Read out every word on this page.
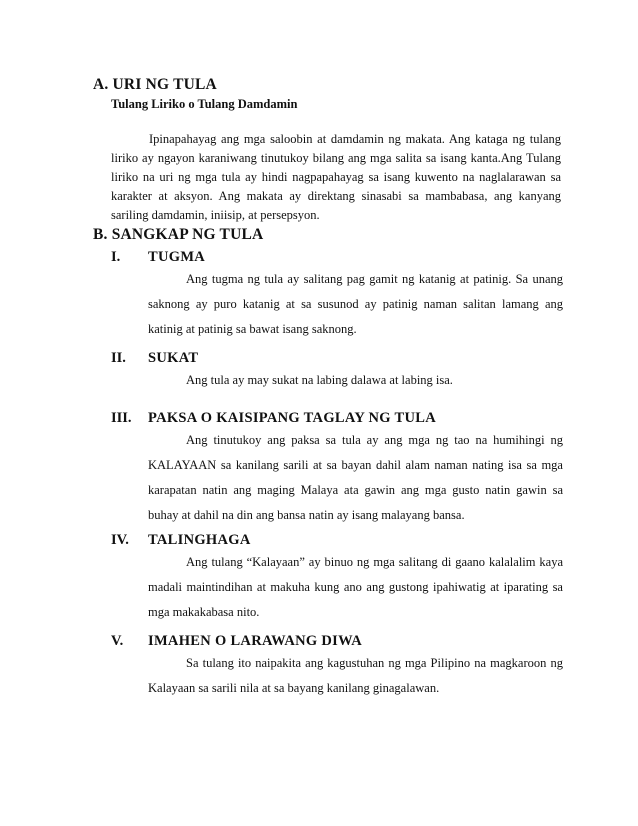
A. URI NG TULA
Tulang Liriko o Tulang Damdamin

Ipinapahayag ang mga saloobin at damdamin ng makata. Ang kataga ng tulang liriko ay ngayon karaniwang tinutukoy bilang ang mga salita sa isang kanta.Ang Tulang liriko na uri ng mga tula ay hindi nagpapahayag sa isang kuwento na naglalarawan sa karakter at aksyon. Ang makata ay direktang sinasabi sa mambabasa, ang kanyang sariling damdamin, iniisip, at persepsyon.

B. SANGKAP NG TULA
I. TUGMA

Ang tugma ng tula ay salitang pag gamit ng katanig at patinig. Sa unang saknong ay puro katanig at sa susunod ay patinig naman salitan lamang ang katinig at patinig sa bawat isang saknong.

II. SUKAT

Ang tula ay may sukat na labing dalawa at labing isa.

III. PAKSA O KAISIPANG TAGLAY NG TULA

Ang tinutukoy ang paksa sa tula ay ang mga ng tao na humihingi ng KALAYAAN sa kanilang sarili at sa bayan dahil alam naman nating isa sa mga karapatan natin ang maging Malaya ata gawin ang mga gusto natin gawin sa buhay at dahil na din ang bansa natin ay isang malayang bansa.

IV. TALINGHAGA

Ang tulang “Kalayaan” ay binuo ng mga salitang di gaano kalalalim kaya madali maintindihan at makuha kung ano ang gustong ipahiwatig at iparating sa mga makakabasa nito.

V. IMAHEN O LARAWANG DIWA

Sa tulang ito naipakita ang kagustuhan ng mga Pilipino na magkaroon ng Kalayaan sa sarili nila at sa bayang kanilang ginagalawan.
